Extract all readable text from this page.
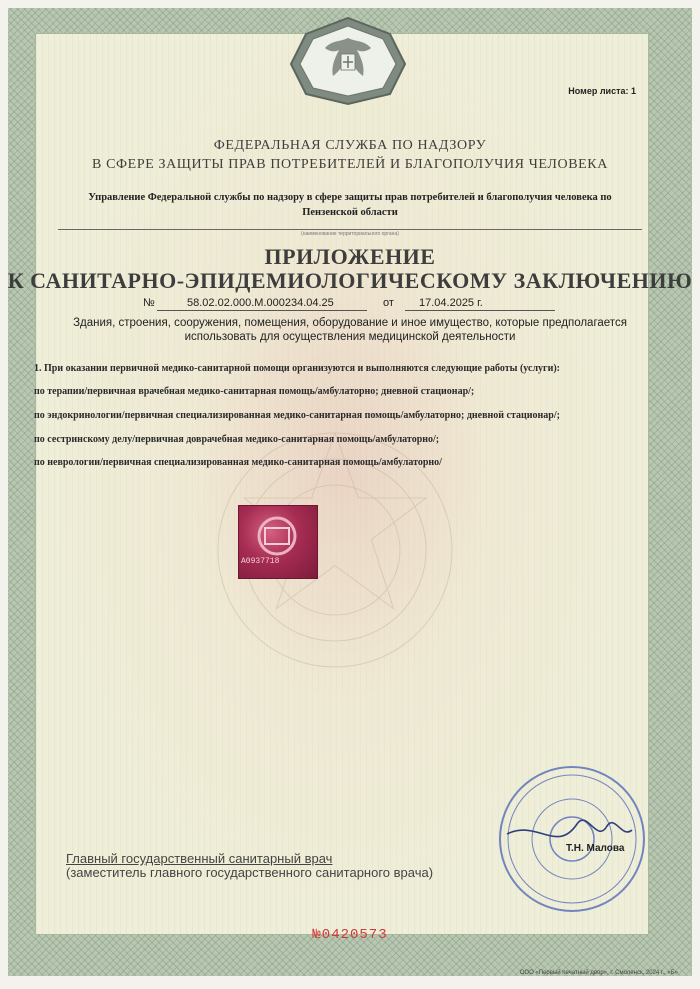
Номер листа: 1
ФЕДЕРАЛЬНАЯ СЛУЖБА ПО НАДЗОРУ
В СФЕРЕ ЗАЩИТЫ ПРАВ ПОТРЕБИТЕЛЕЙ И БЛАГОПОЛУЧИЯ ЧЕЛОВЕКА
Управление Федеральной службы по надзору в сфере защиты прав потребителей и благополучия человека по Пензенской области
(наименование территориального органа)
ПРИЛОЖЕНИЕ
К САНИТАРНО-ЭПИДЕМИОЛОГИЧЕСКОМУ ЗАКЛЮЧЕНИЮ
№	58.02.02.000.М.000234.04.25	от 17.04.2025 г.
Здания, строения, сооружения, помещения, оборудование и иное имущество, которые предполагается использовать для осуществления медицинской деятельности
1. При оказании первичной медико-санитарной помощи организуются и выполняются следующие работы (услуги):
по терапии/первичная врачебная медико-санитарная помощь/амбулаторно; дневной стационар/;
по эндокринологии/первичная специализированная медико-санитарная помощь/амбулаторно; дневной стационар/;
по сестринскому делу/первичная доврачебная медико-санитарная помощь/амбулаторно/;
по неврологии/первичная специализированная медико-санитарная помощь/амбулаторно/
А0937718
Т.Н. Малова
Главный государственный санитарный врач
(заместитель главного государственного санитарного врача)
№0420573
ООО «Первый печатный двор», г. Смоленск, 2024 г., «Б»
